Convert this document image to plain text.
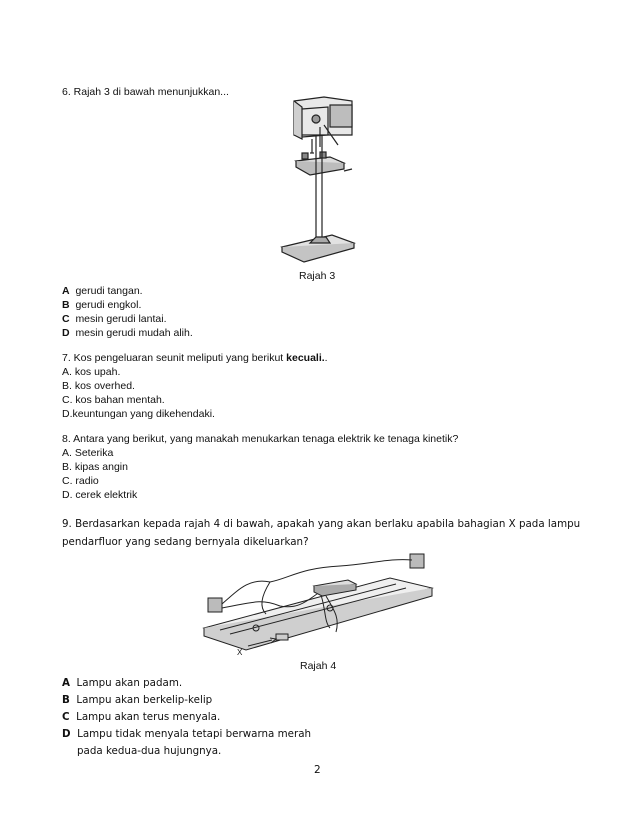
6. Rajah 3 di bawah menunjukkan...
Rajah 3
A gerudi tangan.
B gerudi engkol.
C mesin gerudi lantai.
D mesin gerudi mudah alih.
7. Kos pengeluaran seunit meliputi yang berikut kecuali..
A. kos upah.
B. kos overhed.
C. kos bahan mentah.
D.keuntungan yang dikehendaki.
8. Antara yang berikut, yang manakah menukarkan tenaga elektrik ke tenaga kinetik?
A. Seterika
B. kipas angin
C. radio
D. cerek elektrik
9. Berdasarkan kepada rajah 4 di bawah, apakah yang akan berlaku apabila bahagian X pada lampu
pendarfluor yang sedang bernyala dikeluarkan?
X
Rajah 4
A Lampu akan padam.
B Lampu akan berkelip-kelip
C Lampu akan terus menyala.
D Lampu tidak menyala tetapi berwarna merah
pada kedua-dua hujungnya.
2
